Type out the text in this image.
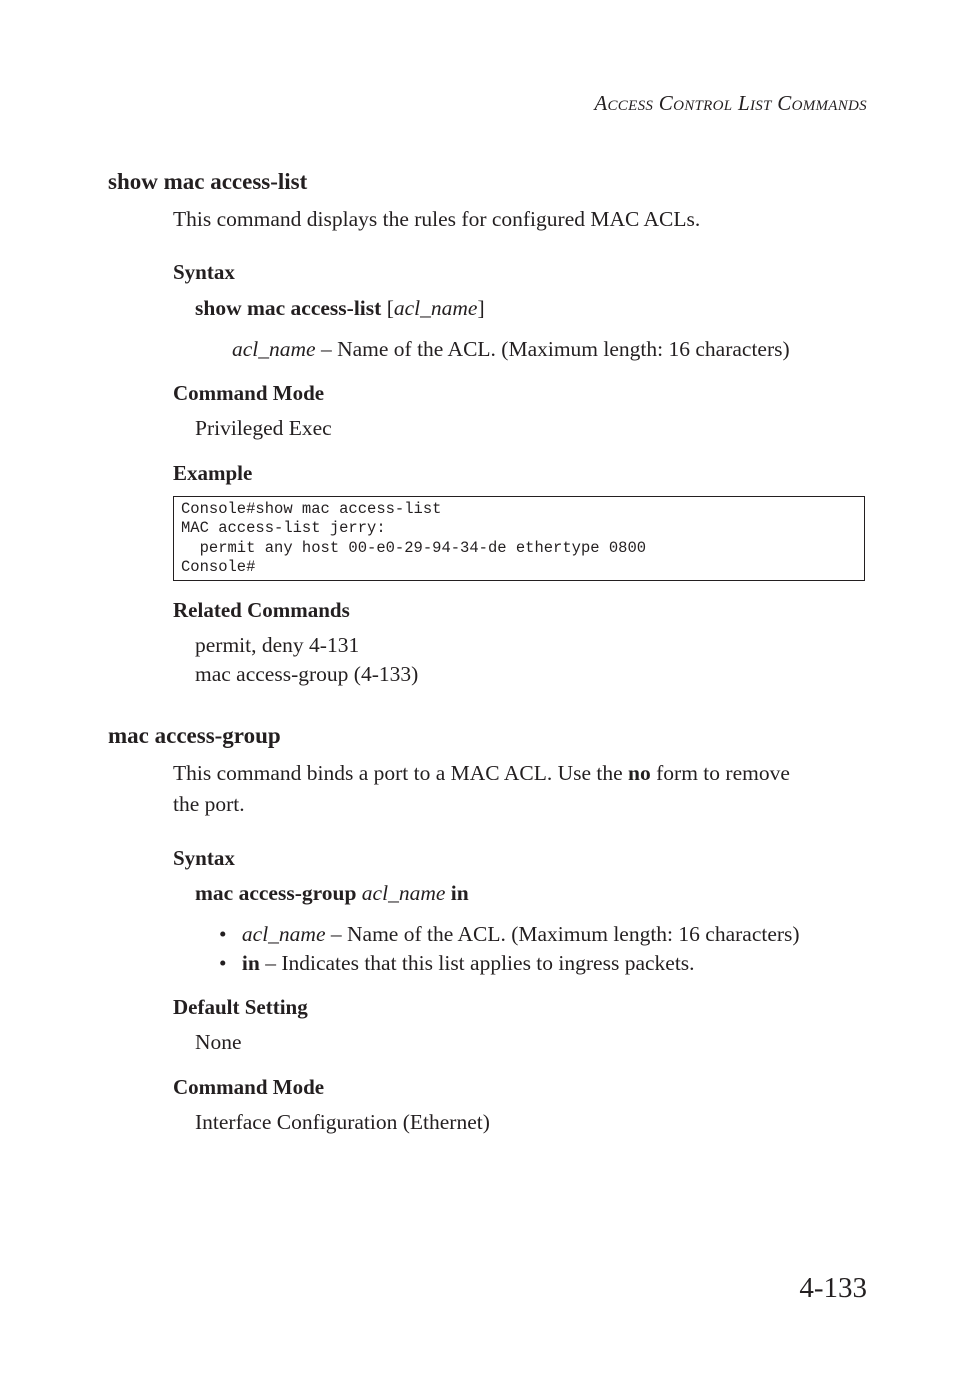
ACCESS CONTROL LIST COMMANDS
show mac access-list
This command displays the rules for configured MAC ACLs.
Syntax
show mac access-list [acl_name]
acl_name – Name of the ACL. (Maximum length: 16 characters)
Command Mode
Privileged Exec
Example
Console#show mac access-list
MAC access-list jerry:
permit any host 00-e0-29-94-34-de ethertype 0800
Console#
Related Commands
permit, deny 4-131
mac access-group (4-133)
mac access-group
This command binds a port to a MAC ACL. Use the no form to remove
the port.
Syntax
mac access-group acl_name in
• acl_name – Name of the ACL. (Maximum length: 16 characters)
• in – Indicates that this list applies to ingress packets.
Default Setting
None
Command Mode
Interface Configuration (Ethernet)
4-133
